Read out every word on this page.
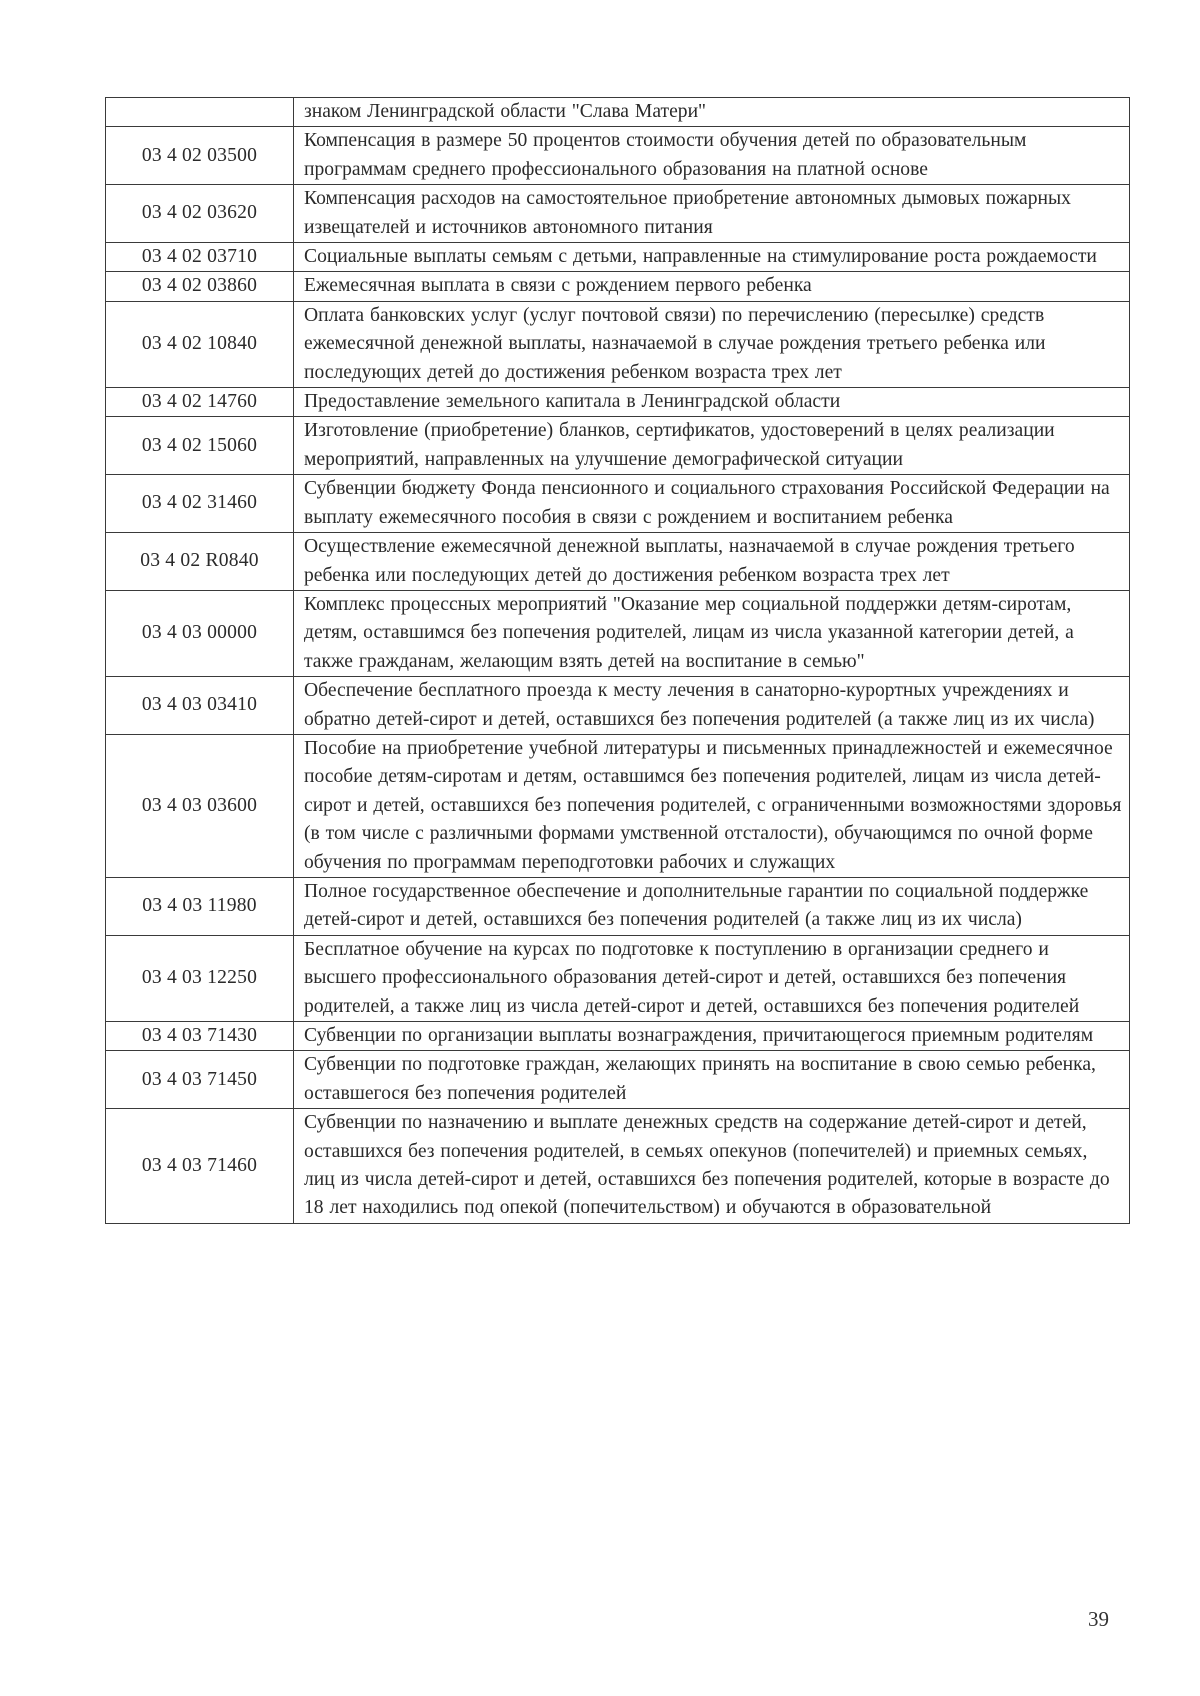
	знаком Ленинградской области "Слава Матери"
03 4 02 03500	Компенсация в размере 50 процентов стоимости обучения детей по образовательным программам среднего профессионального образования на платной основе
03 4 02 03620	Компенсация расходов на самостоятельное приобретение автономных дымовых пожарных извещателей и источников автономного питания
03 4 02 03710	Социальные выплаты семьям с детьми, направленные на стимулирование роста рождаемости
03 4 02 03860	Ежемесячная выплата в связи с рождением первого ребенка
03 4 02 10840	Оплата банковских услуг (услуг почтовой связи) по перечислению (пересылке) средств ежемесячной денежной выплаты, назначаемой в случае рождения третьего ребенка или последующих детей до достижения ребенком возраста трех лет
03 4 02 14760	Предоставление земельного капитала в Ленинградской области
03 4 02 15060	Изготовление (приобретение) бланков, сертификатов, удостоверений в целях реализации мероприятий, направленных на улучшение демографической ситуации
03 4 02 31460	Субвенции бюджету Фонда пенсионного и социального страхования Российской Федерации на выплату ежемесячного пособия в связи с рождением и воспитанием ребенка
03 4 02 R0840	Осуществление ежемесячной денежной выплаты, назначаемой в случае рождения третьего ребенка или последующих детей до достижения ребенком возраста трех лет
03 4 03 00000	Комплекс процессных мероприятий "Оказание мер социальной поддержки детям-сиротам, детям, оставшимся без попечения родителей, лицам из числа указанной категории детей, а также гражданам, желающим взять детей на воспитание в семью"
03 4 03 03410	Обеспечение бесплатного проезда к месту лечения в санаторно-курортных учреждениях и обратно детей-сирот и детей, оставшихся без попечения родителей (а также лиц из их числа)
03 4 03 03600	Пособие на приобретение учебной литературы и письменных принадлежностей и ежемесячное пособие детям-сиротам и детям, оставшимся без попечения родителей, лицам из числа детей-сирот и детей, оставшихся без попечения родителей, с ограниченными возможностями здоровья (в том числе с различными формами умственной отсталости), обучающимся по очной форме обучения по программам переподготовки рабочих и служащих
03 4 03 11980	Полное государственное обеспечение и дополнительные гарантии по социальной поддержке детей-сирот и детей, оставшихся без попечения родителей (а также лиц из их числа)
03 4 03 12250	Бесплатное обучение на курсах по подготовке к поступлению в организации среднего и высшего профессионального образования детей-сирот и детей, оставшихся без попечения родителей, а также лиц из числа детей-сирот и детей, оставшихся без попечения родителей
03 4 03 71430	Субвенции по организации выплаты вознаграждения, причитающегося приемным родителям
03 4 03 71450	Субвенции по подготовке граждан, желающих принять на воспитание в свою семью ребенка, оставшегося без попечения родителей
03 4 03 71460	Субвенции по назначению и выплате денежных средств на содержание детей-сирот и детей, оставшихся без попечения родителей, в семьях опекунов (попечителей) и приемных семьях, лиц из числа детей-сирот и детей, оставшихся без попечения родителей, которые в возрасте до 18 лет находились под опекой (попечительством) и обучаются в образовательной
39
